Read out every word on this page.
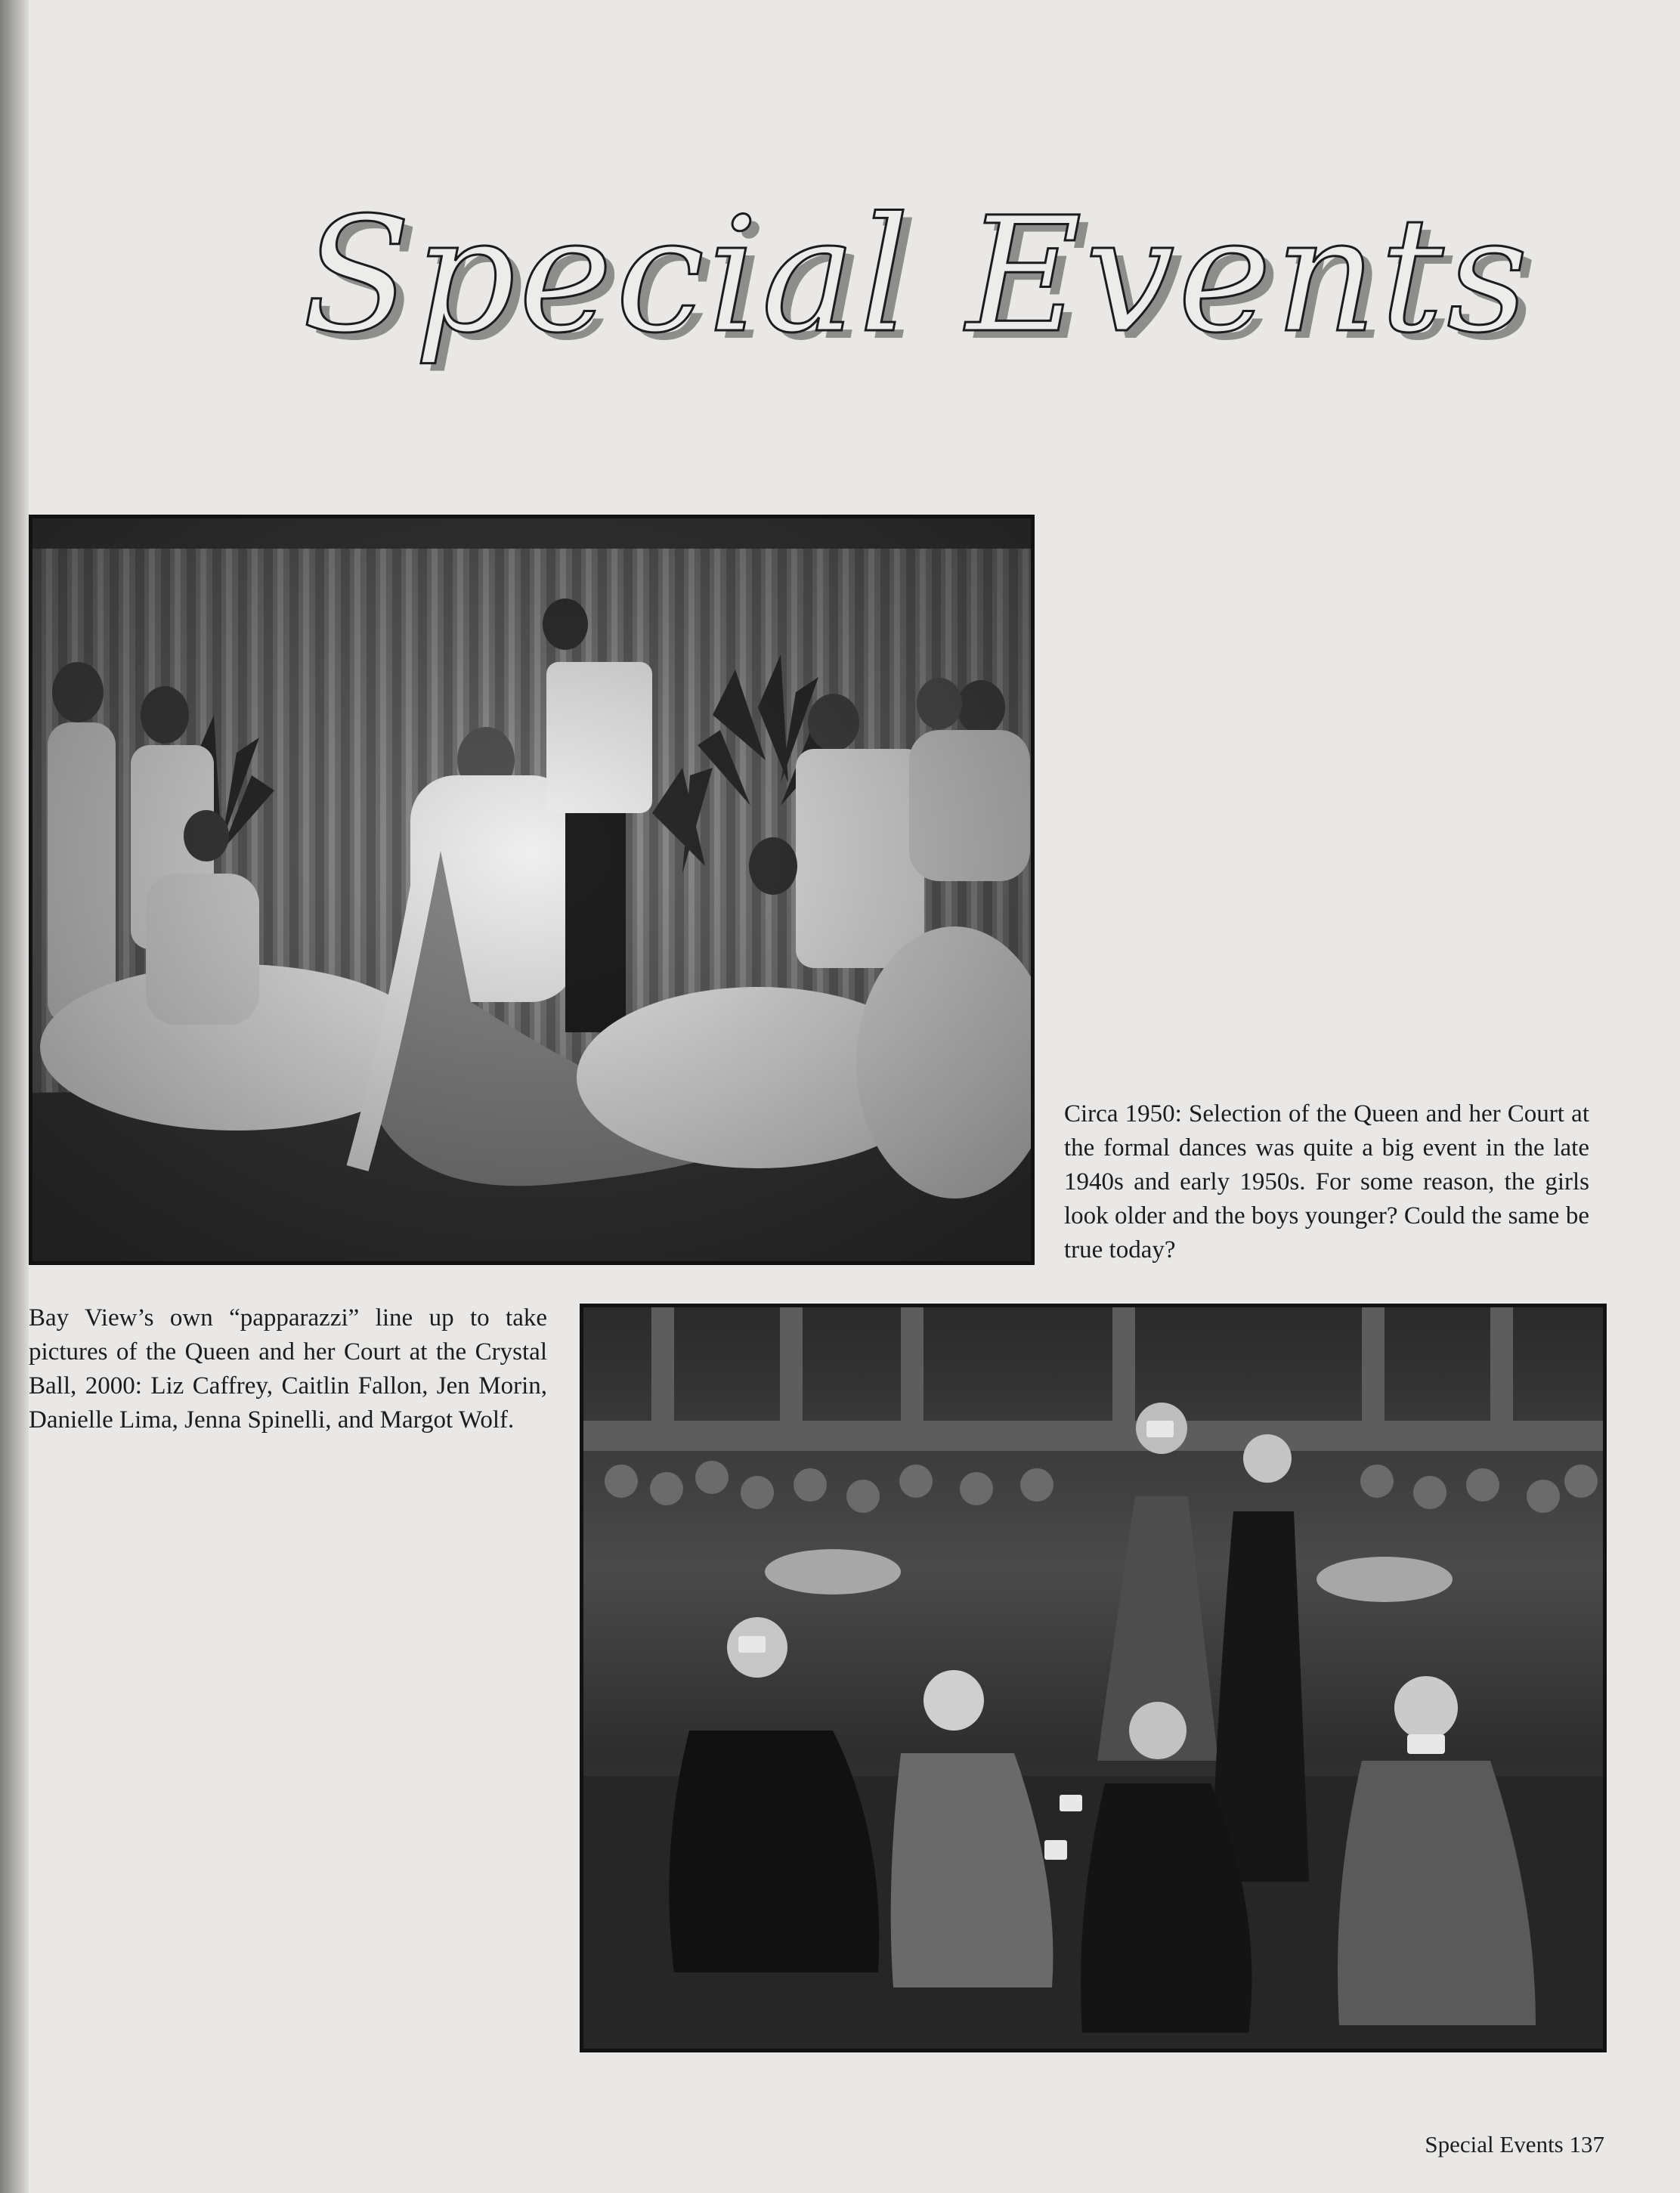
Special Events
Circa 1950: Selection of the Queen and her Court at the formal dances was quite a big event in the late 1940s and early 1950s. For some reason, the girls look older and the boys younger? Could the same be true today?
Bay View’s own “papparazzi” line up to take pictures of the Queen and her Court at the Crystal Ball, 2000: Liz Caffrey, Caitlin Fallon, Jen Morin, Danielle Lima, Jenna Spinelli, and Margot Wolf.
Special Events 137
